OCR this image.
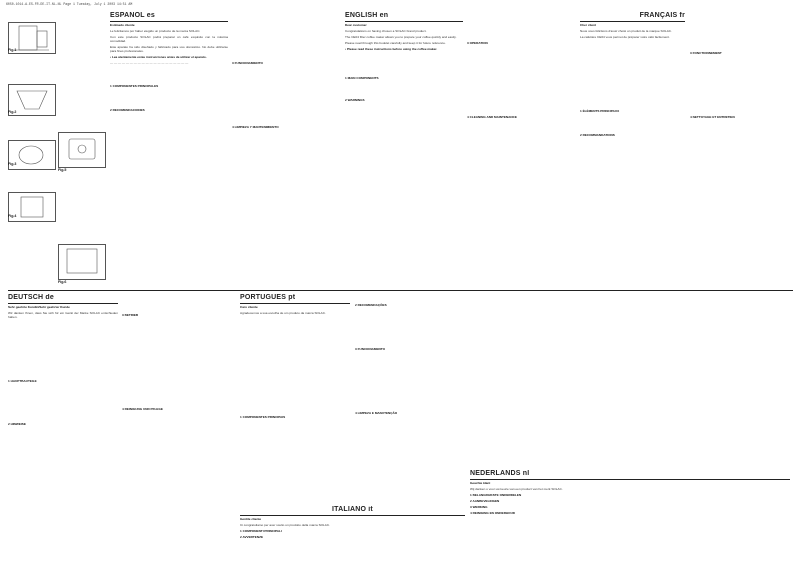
6050-1014-A-ES-FR-DE-IT-NL-NL Page 1 Tuesday, July 1 2003 14:51 AM
Fig.1
Fig.2
Fig.3
Fig.4
Fig.5
Fig.6
ESPAÑOL es
Estimado cliente
Le felicitamos por haber elegido un producto de la marca SOLAC.
Con este producto SOLAC podrá preparar un café exquisito con la máxima comodidad.
Este aparato ha sido diseñado y fabricado para uso doméstico. No debe utilizarse para fines profesionales.
• Lea atentamente estas instrucciones antes de utilizar el aparato.
— — — — — — — — — — — — — — — — — — — —
1 COMPONENTES PRINCIPALES
2 RECOMENDACIONES
3 FUNCIONAMIENTO
4 LIMPIEZA Y MANTENIMIENTO
ENGLISH en
Dear customer
Congratulations on having chosen a SOLAC brand product.
The CE04 filter coffee maker allows you to prepare your coffee quickly and easily.
Please read through this booklet carefully and keep it for future reference.
• Please read these instructions before using the coffee maker.
1 MAIN COMPONENTS
2 WARNINGS
3 OPERATION
4 CLEANING AND MAINTENANCE
FRANÇAIS fr
Cher client
Nous vous félicitons d'avoir choisi un produit de la marque SOLAC.
La cafetière CE04 vous permet de préparer votre café facilement.
1 ÉLÉMENTS PRINCIPAUX
2 RECOMMANDATIONS
3 FONCTIONNEMENT
4 NETTOYAGE ET ENTRETIEN
DEUTSCH de
Sehr geehrte Kundin/Sehr geehrter Kunde
Wir danken Ihnen, dass Sie sich für ein Gerät der Marke SOLAC entschieden haben.
1 HAUPTBAUTEILE
2 HINWEISE
3 BETRIEB
4 REINIGUNG UND PFLEGE
PORTUGUÊS pt
Caro cliente
Agradecemos a sua escolha de um produto da marca SOLAC.
1 COMPONENTES PRINCIPAIS
2 RECOMENDAÇÕES
3 FUNCIONAMENTO
4 LIMPEZA E MANUTENÇÃO
ITALIANO it
Gentile cliente
Ci congratuliamo per aver scelto un prodotto della marca SOLAC.
1 COMPONENTI PRINCIPALI
2 AVVERTENZE
NEDERLANDS nl
Geachte klant
Wij danken u voor uw keuze van een product van het merk SOLAC.
1 BELANGRIJKSTE ONDERDELEN
2 AANBEVELINGEN
3 WERKING
4 REINIGING EN ONDERHOUD
